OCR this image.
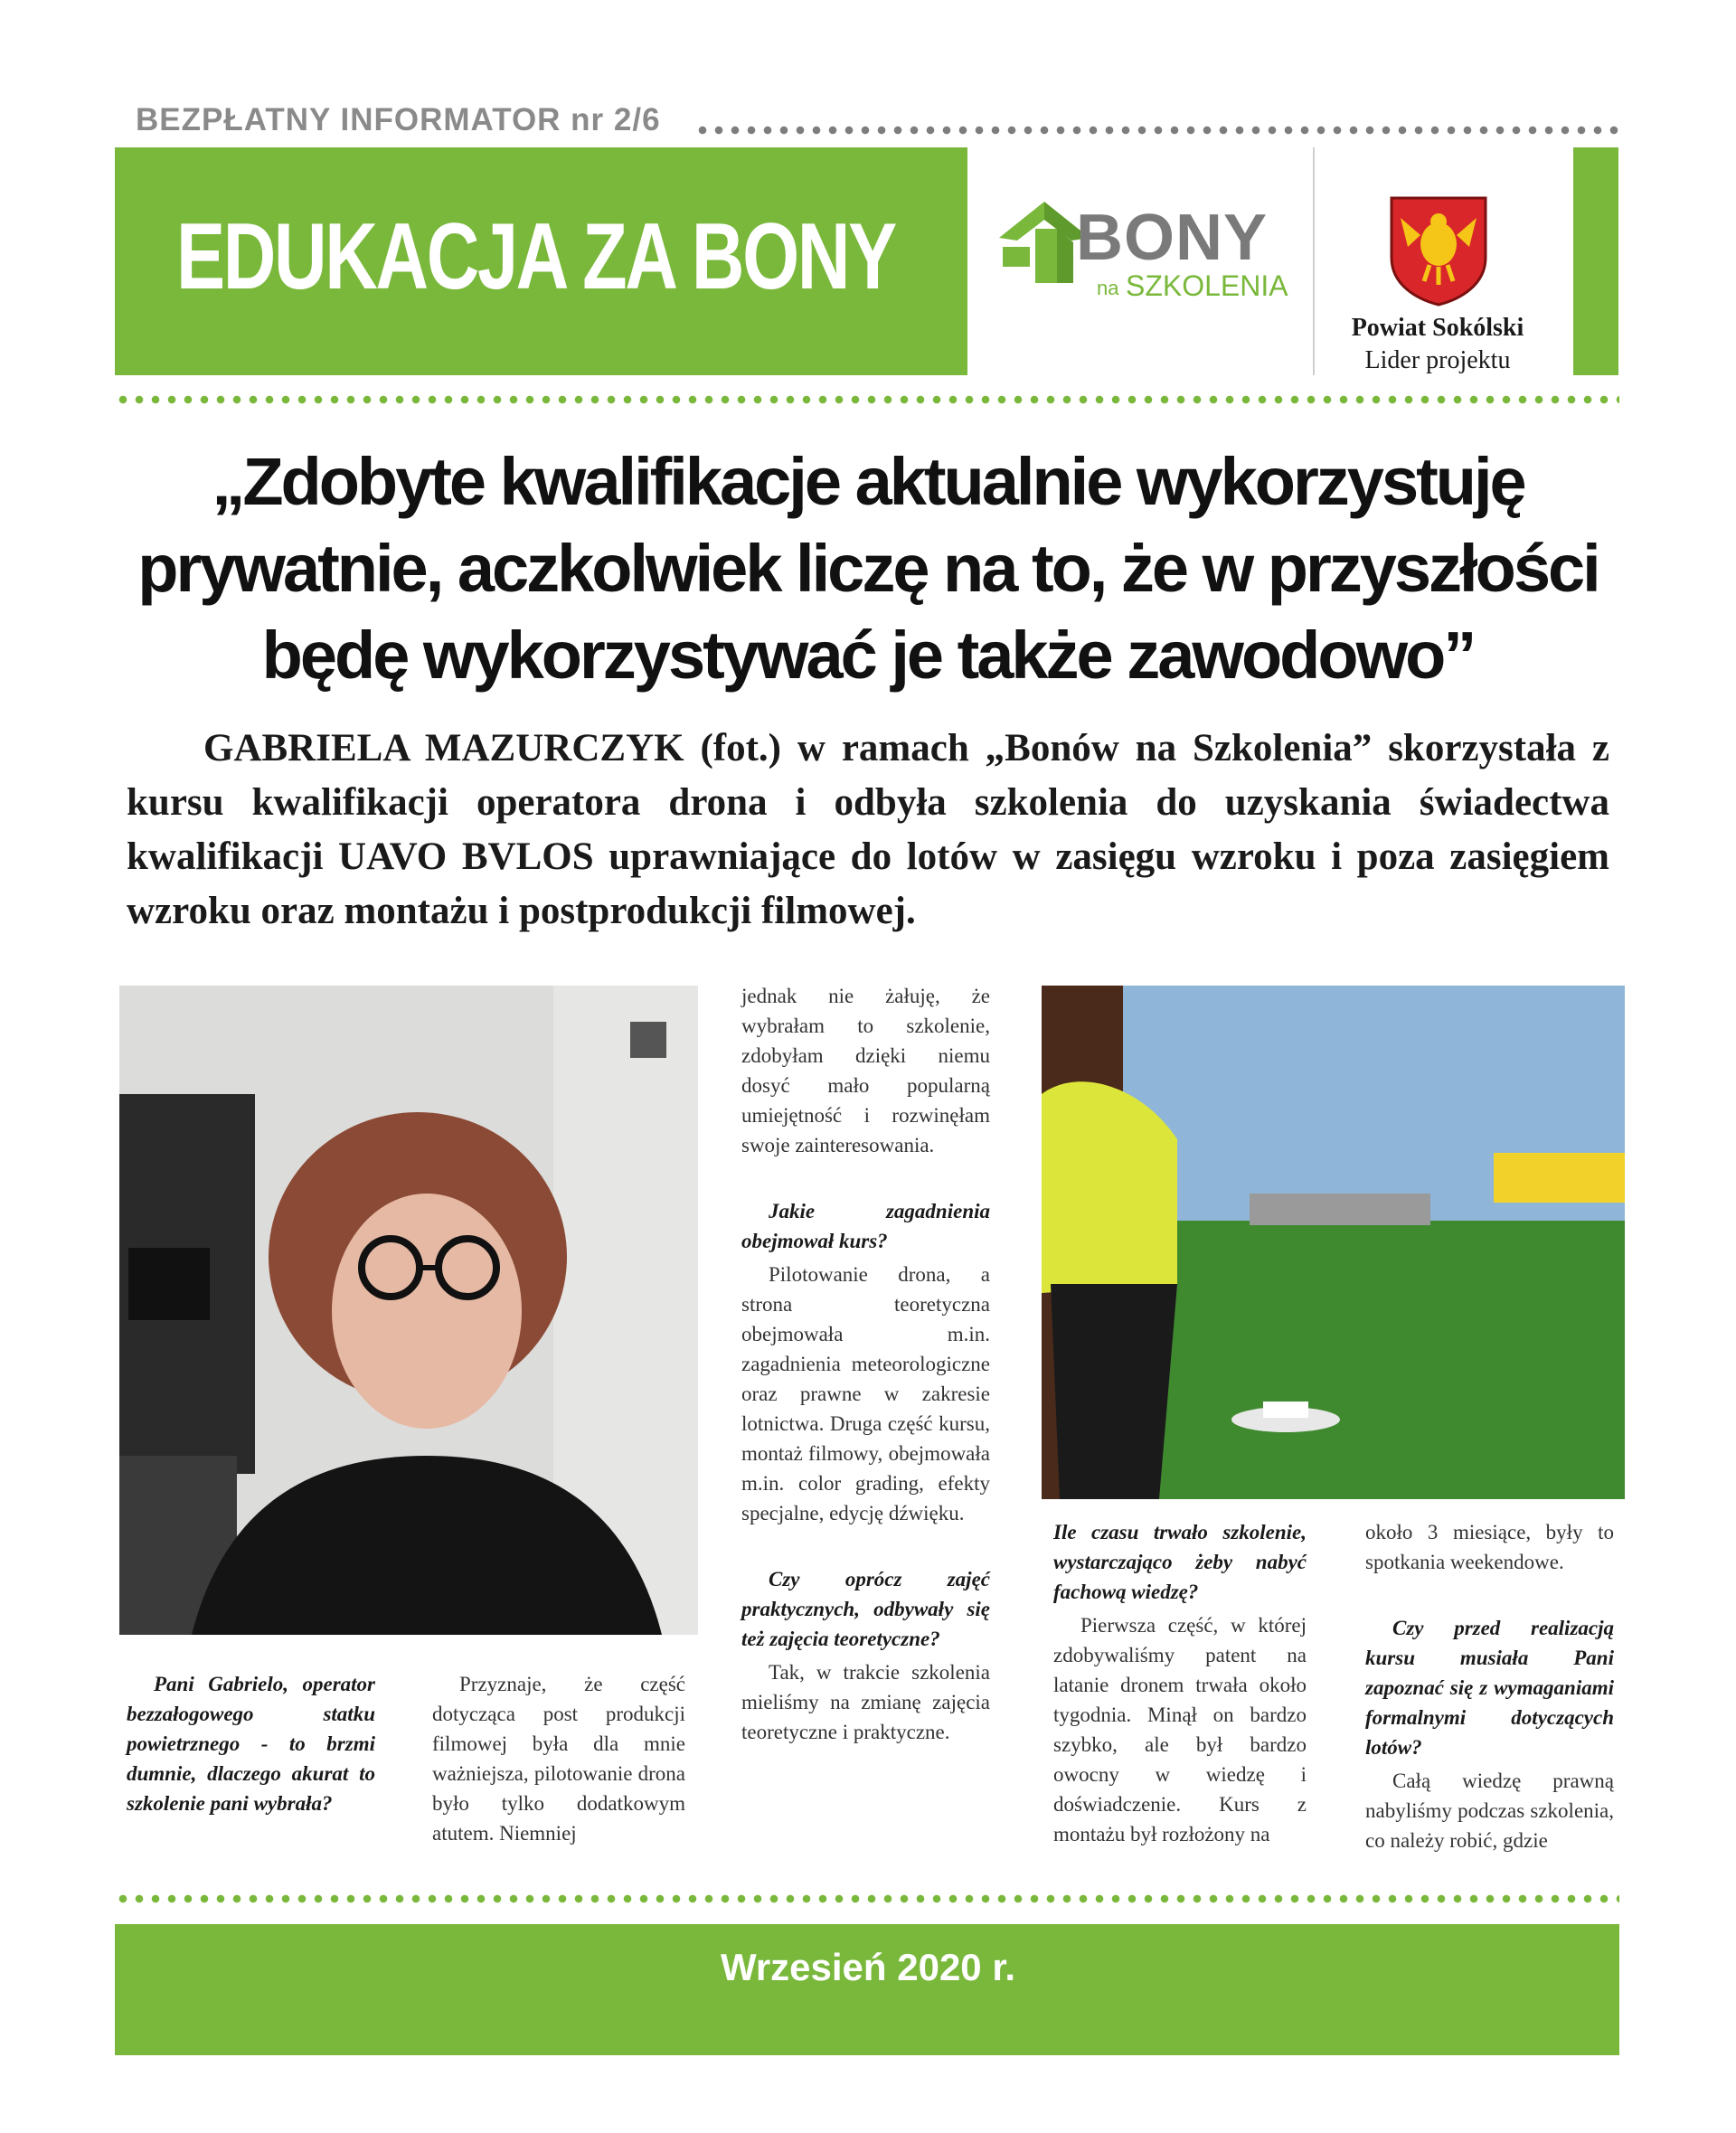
BEZPŁATNY INFORMATOR nr 2/6
EDUKACJA ZA BONY	BONY
na SZKOLENIA
Powiat Sokólski
Lider projektu
„Zdobyte kwalifikacje aktualnie wykorzystuję prywatnie, aczkolwiek liczę na to, że w przyszłości będę wykorzystywać je także zawodowo”
GABRIELA MAZURCZYK (fot.) w ramach „Bonów na Szkolenia” skorzystała z kursu kwalifikacji operatora drona i odbyła szkolenia do uzyskania świadectwa kwalifikacji UAVO BVLOS uprawniające do lotów w zasięgu wzroku i poza zasięgiem wzroku oraz montażu i postprodukcji filmowej.

Pani Gabrielo, operator bezzałogowego statku powietrznego - to brzmi dumnie, dlaczego akurat to szkolenie pani wybrała?

Przyznaje, że część dotycząca post produkcji filmowej była dla mnie ważniejsza, pilotowanie drona było tylko dodatkowym atutem. Niemniej

jednak nie żałuję, że wybrałam to szkolenie, zdobyłam dzięki niemu dosyć mało popularną umiejętność i rozwinęłam swoje zainteresowania.

Jakie zagadnienia obejmował kurs?

Pilotowanie drona, a strona teoretyczna obejmowała m.in. zagadnienia meteorologiczne oraz prawne w zakresie lotnictwa. Druga część kursu, montaż filmowy, obejmowała m.in. color grading, efekty specjalne, edycję dźwięku.

Czy oprócz zajęć praktycznych, odbywały się też zajęcia teoretyczne?

Tak, w trakcie szkolenia mieliśmy na zmianę zajęcia teoretyczne i praktyczne.

Ile czasu trwało szkolenie, wystarczająco żeby nabyć fachową wiedzę?

Pierwsza część, w której zdobywaliśmy patent na latanie dronem trwała około tygodnia. Minął on bardzo szybko, ale był bardzo owocny w wiedzę i doświadczenie. Kurs z montażu był rozłożony na

około 3 miesiące, były to spotkania weekendowe.

Czy przed realizacją kursu musiała Pani zapoznać się z wymaganiami formalnymi dotyczących lotów?

Całą wiedzę prawną nabyliśmy podczas szkolenia, co należy robić, gdzie

Wrzesień 2020 r.
4
